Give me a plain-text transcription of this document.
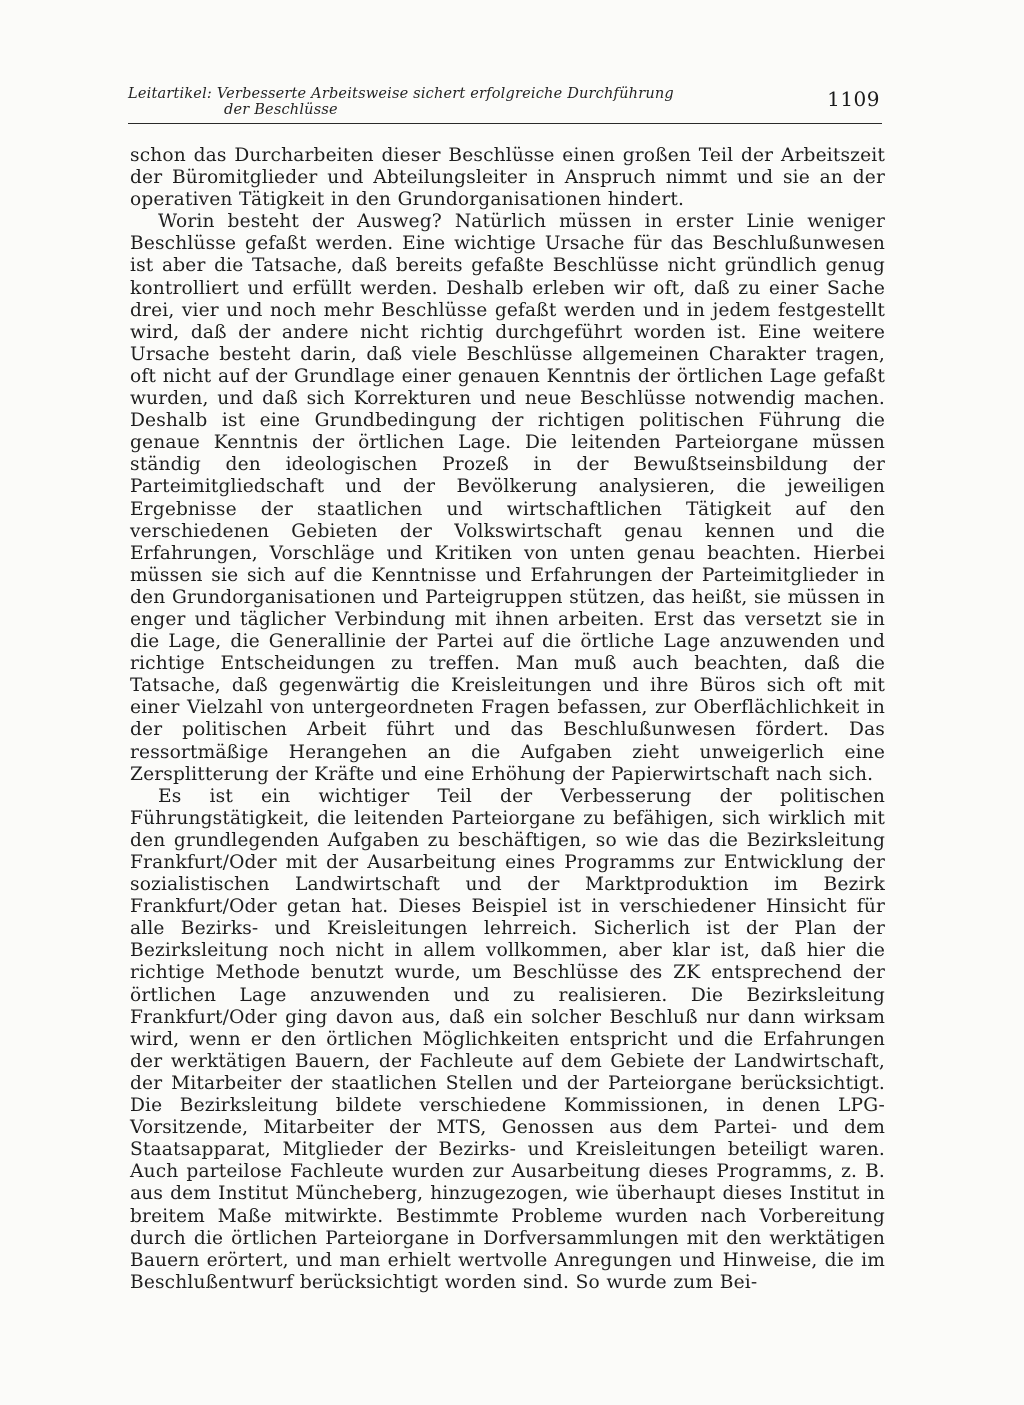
Leitartikel: Verbesserte Arbeitsweise sichert erfolgreiche Durchführung
der Beschlüsse	1109

schon das Durcharbeiten dieser Beschlüsse einen großen Teil der Arbeitszeit der Büromitglieder und Abteilungsleiter in Anspruch nimmt und sie an der operativen Tätigkeit in den Grundorganisationen hindert.

Worin besteht der Ausweg? Natürlich müssen in erster Linie weniger Beschlüsse gefaßt werden. Eine wichtige Ursache für das Beschlußunwesen ist aber die Tatsache, daß bereits gefaßte Beschlüsse nicht gründlich genug kontrolliert und erfüllt werden. Deshalb erleben wir oft, daß zu einer Sache drei, vier und noch mehr Beschlüsse gefaßt werden und in jedem festgestellt wird, daß der andere nicht richtig durchgeführt worden ist. Eine weitere Ursache besteht darin, daß viele Beschlüsse allgemeinen Charakter tragen, oft nicht auf der Grundlage einer genauen Kenntnis der örtlichen Lage gefaßt wurden, und daß sich Korrekturen und neue Beschlüsse notwendig machen. Deshalb ist eine Grundbedingung der richtigen politischen Führung die genaue Kenntnis der örtlichen Lage. Die leitenden Parteiorgane müssen ständig den ideologischen Prozeß in der Bewußtseinsbildung der Parteimitgliedschaft und der Bevölkerung analysieren, die jeweiligen Ergebnisse der staatlichen und wirtschaftlichen Tätigkeit auf den verschiedenen Gebieten der Volkswirtschaft genau kennen und die Erfahrungen, Vorschläge und Kritiken von unten genau beachten. Hierbei müssen sie sich auf die Kenntnisse und Erfahrungen der Parteimitglieder in den Grundorganisationen und Parteigruppen stützen, das heißt, sie müssen in enger und täglicher Verbindung mit ihnen arbeiten. Erst das versetzt sie in die Lage, die Generallinie der Partei auf die örtliche Lage anzuwenden und richtige Entscheidungen zu treffen. Man muß auch beachten, daß die Tatsache, daß gegenwärtig die Kreisleitungen und ihre Büros sich oft mit einer Vielzahl von untergeordneten Fragen befassen, zur Oberflächlichkeit in der politischen Arbeit führt und das Beschlußunwesen fördert. Das ressortmäßige Herangehen an die Aufgaben zieht unweigerlich eine Zersplitterung der Kräfte und eine Erhöhung der Papierwirtschaft nach sich.

Es ist ein wichtiger Teil der Verbesserung der politischen Führungstätigkeit, die leitenden Parteiorgane zu befähigen, sich wirklich mit den grundlegenden Aufgaben zu beschäftigen, so wie das die Bezirksleitung Frankfurt/Oder mit der Ausarbeitung eines Programms zur Entwicklung der sozialistischen Landwirtschaft und der Marktproduktion im Bezirk Frankfurt/Oder getan hat. Dieses Beispiel ist in verschiedener Hinsicht für alle Bezirks- und Kreisleitungen lehrreich. Sicherlich ist der Plan der Bezirksleitung noch nicht in allem vollkommen, aber klar ist, daß hier die richtige Methode benutzt wurde, um Beschlüsse des ZK entsprechend der örtlichen Lage anzuwenden und zu realisieren. Die Bezirksleitung Frankfurt/Oder ging davon aus, daß ein solcher Beschluß nur dann wirksam wird, wenn er den örtlichen Möglichkeiten entspricht und die Erfahrungen der werktätigen Bauern, der Fachleute auf dem Gebiete der Landwirtschaft, der Mitarbeiter der staatlichen Stellen und der Parteiorgane berücksichtigt. Die Bezirksleitung bildete verschiedene Kommissionen, in denen LPG-Vorsitzende, Mitarbeiter der MTS, Genossen aus dem Partei- und dem Staatsapparat, Mitglieder der Bezirks- und Kreisleitungen beteiligt waren. Auch parteilose Fachleute wurden zur Ausarbeitung dieses Programms, z. B. aus dem Institut Müncheberg, hinzugezogen, wie überhaupt dieses Institut in breitem Maße mitwirkte. Bestimmte Probleme wurden nach Vorbereitung durch die örtlichen Parteiorgane in Dorfversammlungen mit den werktätigen Bauern erörtert, und man erhielt wertvolle Anregungen und Hinweise, die im Beschlußentwurf berücksichtigt worden sind. So wurde zum Bei-
